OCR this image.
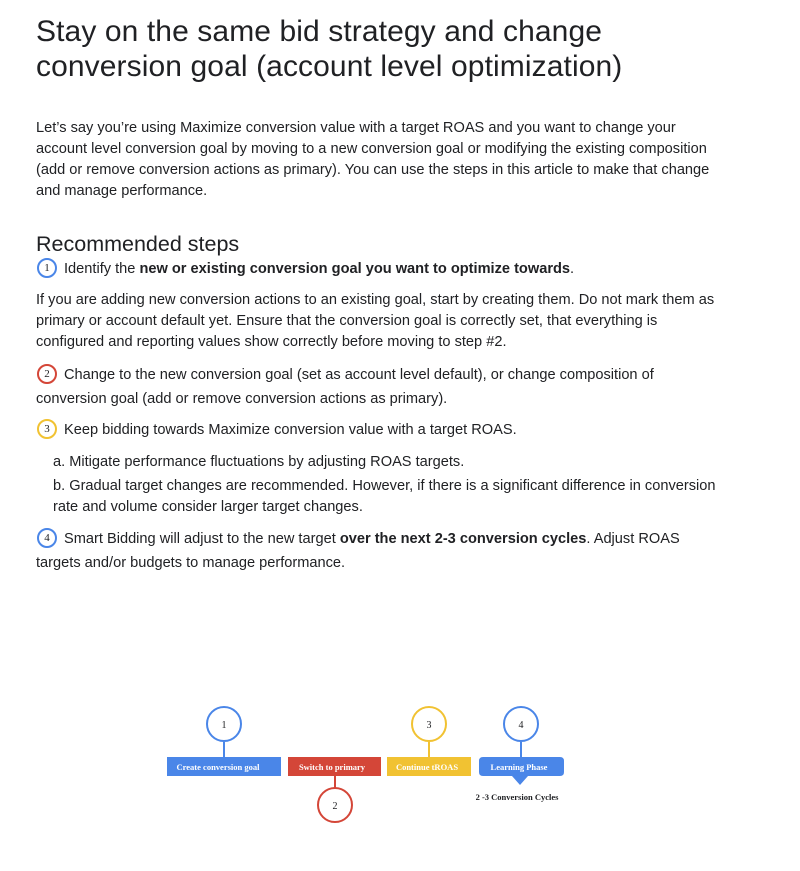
Stay on the same bid strategy and change conversion goal (account level optimization)

Let’s say you’re using Maximize conversion value with a target ROAS and you want to change your account level conversion goal by moving to a new conversion goal or modifying the existing composition (add or remove conversion actions as primary). You can use the steps in this article to make that change and manage performance.

Recommended steps
1 Identify the new or existing conversion goal you want to optimize towards.

If you are adding new conversion actions to an existing goal, start by creating them. Do not mark them as primary or account default yet. Ensure that the conversion goal is correctly set, that everything is configured and reporting values show correctly before moving to step #2.

2 Change to the new conversion goal (set as account level default), or change composition of conversion goal (add or remove conversion actions as primary).
3 Keep bidding towards Maximize conversion value with a target ROAS.

a. Mitigate performance fluctuations by adjusting ROAS targets.

b. Gradual target changes are recommended. However, if there is a significant difference in conversion rate and volume consider larger target changes.

4 Smart Bidding will adjust to the new target over the next 2-3 conversion cycles. Adjust ROAS targets and/or budgets to manage performance.
1
Create conversion goal	Switch to primary
2
3
Continue tROAS
4
Learning Phase
2 -3 Conversion Cycles
